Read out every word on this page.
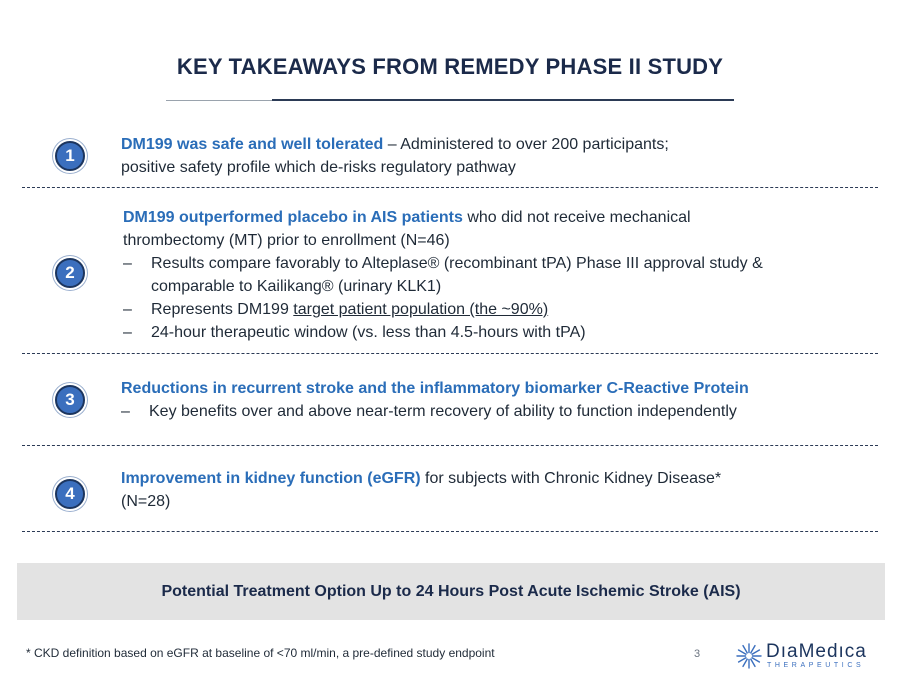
KEY TAKEAWAYS FROM REMEDY PHASE II STUDY
1
DM199 was safe and well tolerated – Administered to over 200 participants;
positive safety profile which de-risks regulatory pathway
2
DM199 outperformed placebo in AIS patients who did not receive mechanical
thrombectomy (MT) prior to enrollment (N=46)
– Results compare favorably to Alteplase® (recombinant tPA) Phase III approval study &
comparable to Kailikang® (urinary KLK1)
– Represents DM199 target patient population (the ~90%)
– 24-hour therapeutic window (vs. less than 4.5-hours with tPA)
3
Reductions in recurrent stroke and the inflammatory biomarker C-Reactive Protein
– Key benefits over and above near-term recovery of ability to function independently
4
Improvement in kidney function (eGFR) for subjects with Chronic Kidney Disease*
(N=28)
Potential Treatment Option Up to 24 Hours Post Acute Ischemic Stroke (AIS)
* CKD definition based on eGFR at baseline of <70 ml/min, a pre-defined study endpoint	3	DıaMedıca
THERAPEUTICS
